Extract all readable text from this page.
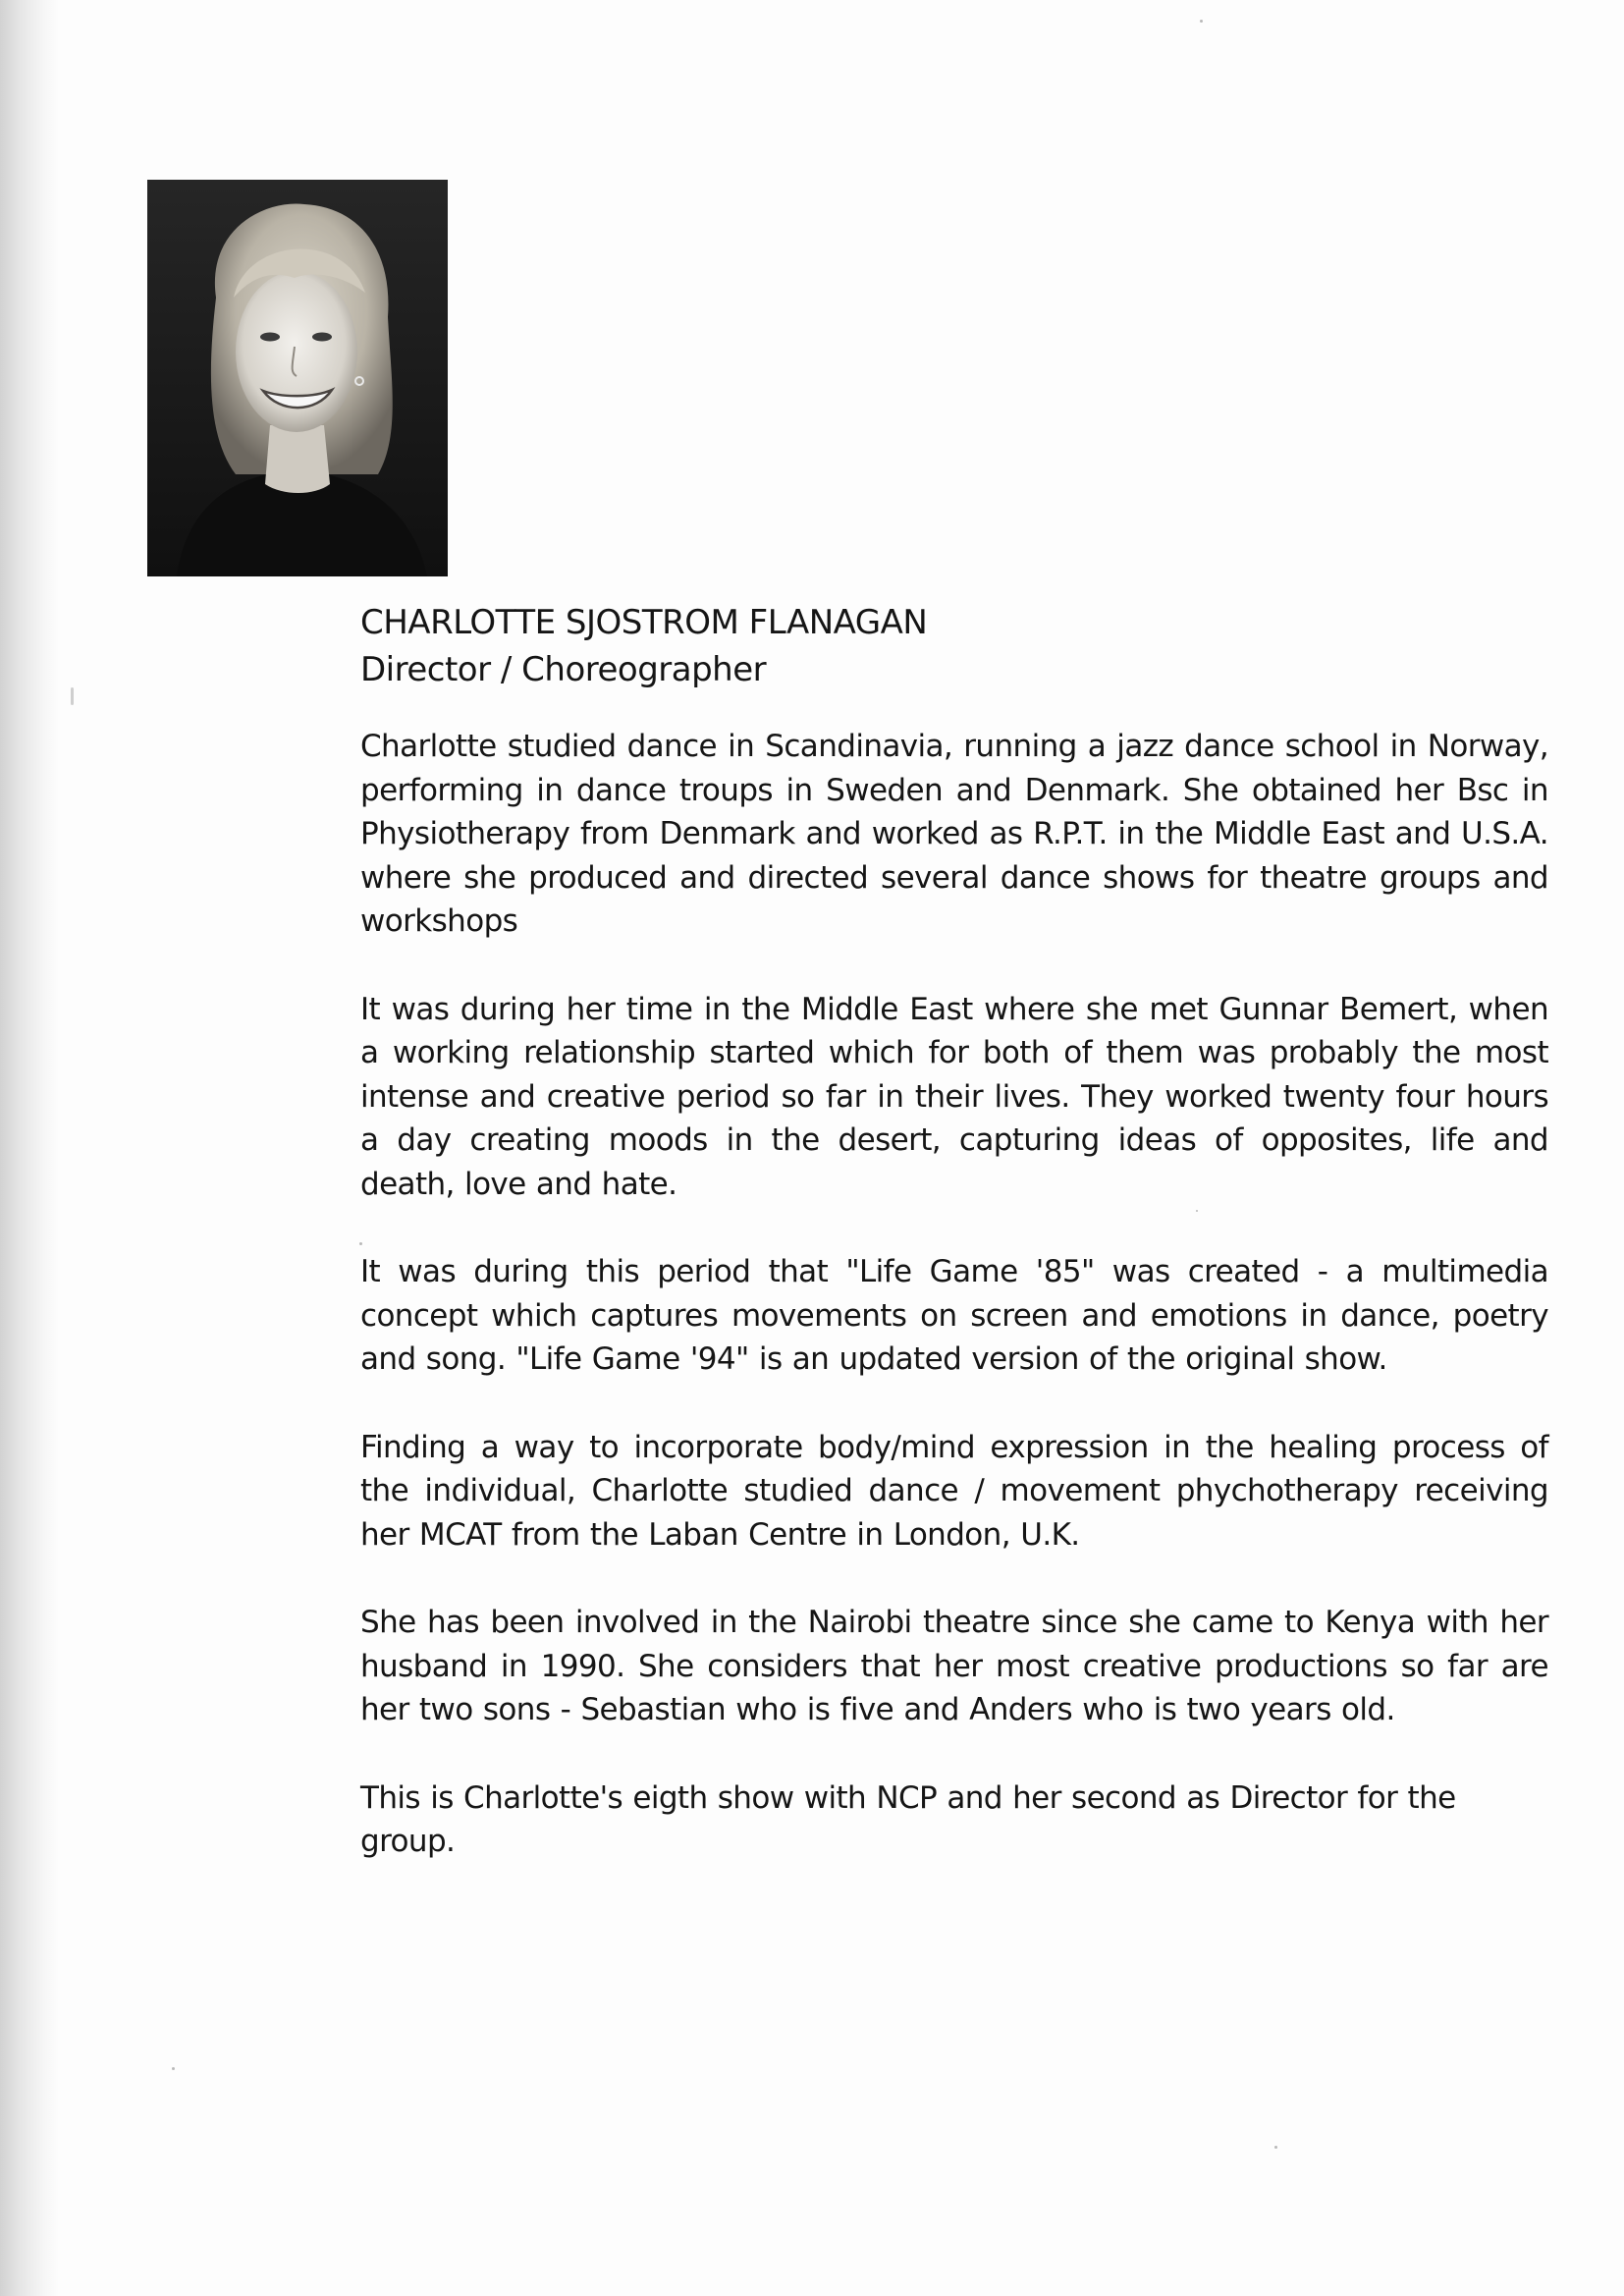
CHARLOTTE SJOSTROM FLANAGAN
Director / Choreographer

Charlotte studied dance in Scandinavia, running a jazz dance school in Norway, performing in dance troups in Sweden and Denmark. She obtained her Bsc in Physiotherapy from Denmark and worked as R.P.T. in the Middle East and U.S.A. where she produced and directed several dance shows for theatre groups and workshops

It was during her time in the Middle East where she met Gunnar Bemert, when a working relationship started which for both of them was probably the most intense and creative period so far in their lives. They worked twenty four hours a day creating moods in the desert, capturing ideas of opposites, life and death, love and hate.

It was during this period that "Life Game '85" was created - a multimedia concept which captures movements on screen and emotions in dance, poetry and song. "Life Game '94" is an updated version of the original show.

Finding a way to incorporate body/mind expression in the healing process of the individual, Charlotte studied dance / movement phychotherapy receiving her MCAT from the Laban Centre in London, U.K.

She has been involved in the Nairobi theatre since she came to Kenya with her husband in 1990. She considers that her most creative productions so far are her two sons - Sebastian who is five and Anders who is two years old.

This is Charlotte's eigth show with NCP and her second as Director for the group.
